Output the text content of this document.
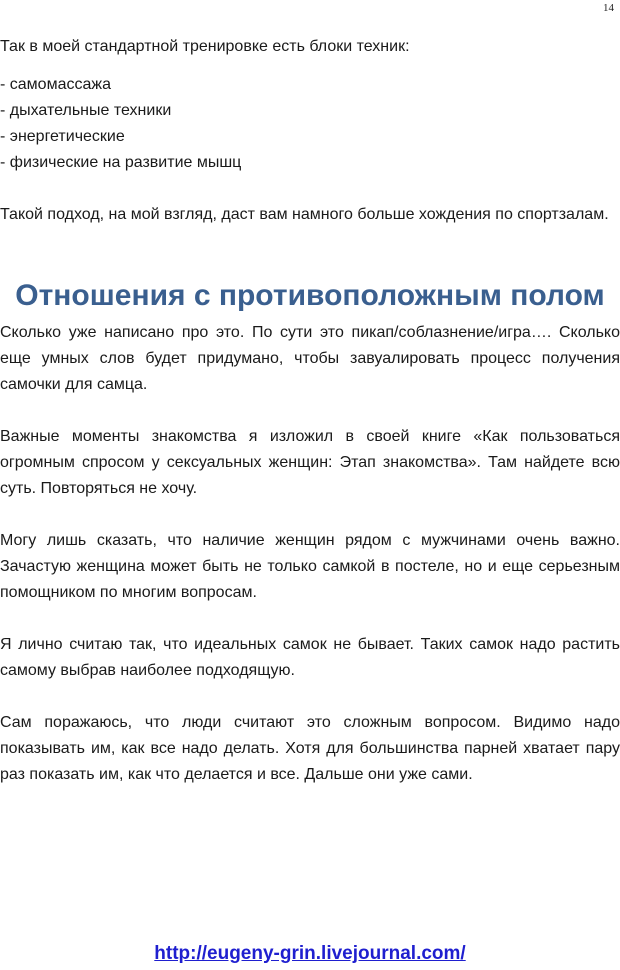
14

Так в моей стандартной тренировке есть блоки техник:

- самомассажа
- дыхательные техники
- энергетические
- физические на развитие мышц

Такой подход, на мой взгляд, даст вам намного больше хождения по спортзалам.

Отношения с противоположным полом

Сколько уже написано про это. По сути это пикап/соблазнение/игра…. Сколько еще умных слов будет придумано, чтобы завуалировать процесс получения самочки для самца.

Важные моменты знакомства я изложил в своей книге «Как пользоваться огромным спросом у сексуальных женщин: Этап знакомства». Там найдете всю суть. Повторяться не хочу.

Могу лишь сказать, что наличие женщин рядом с мужчинами очень важно. Зачастую женщина может быть не только самкой в постеле, но и еще серьезным помощником по многим вопросам.

Я лично считаю так, что идеальных самок не бывает. Таких самок надо растить самому выбрав наиболее подходящую.

Сам поражаюсь, что люди считают это сложным вопросом. Видимо надо показывать им, как все надо делать. Хотя для большинства парней хватает пару раз показать им, как что делается и все. Дальше они уже сами.

http://eugeny-grin.livejournal.com/
